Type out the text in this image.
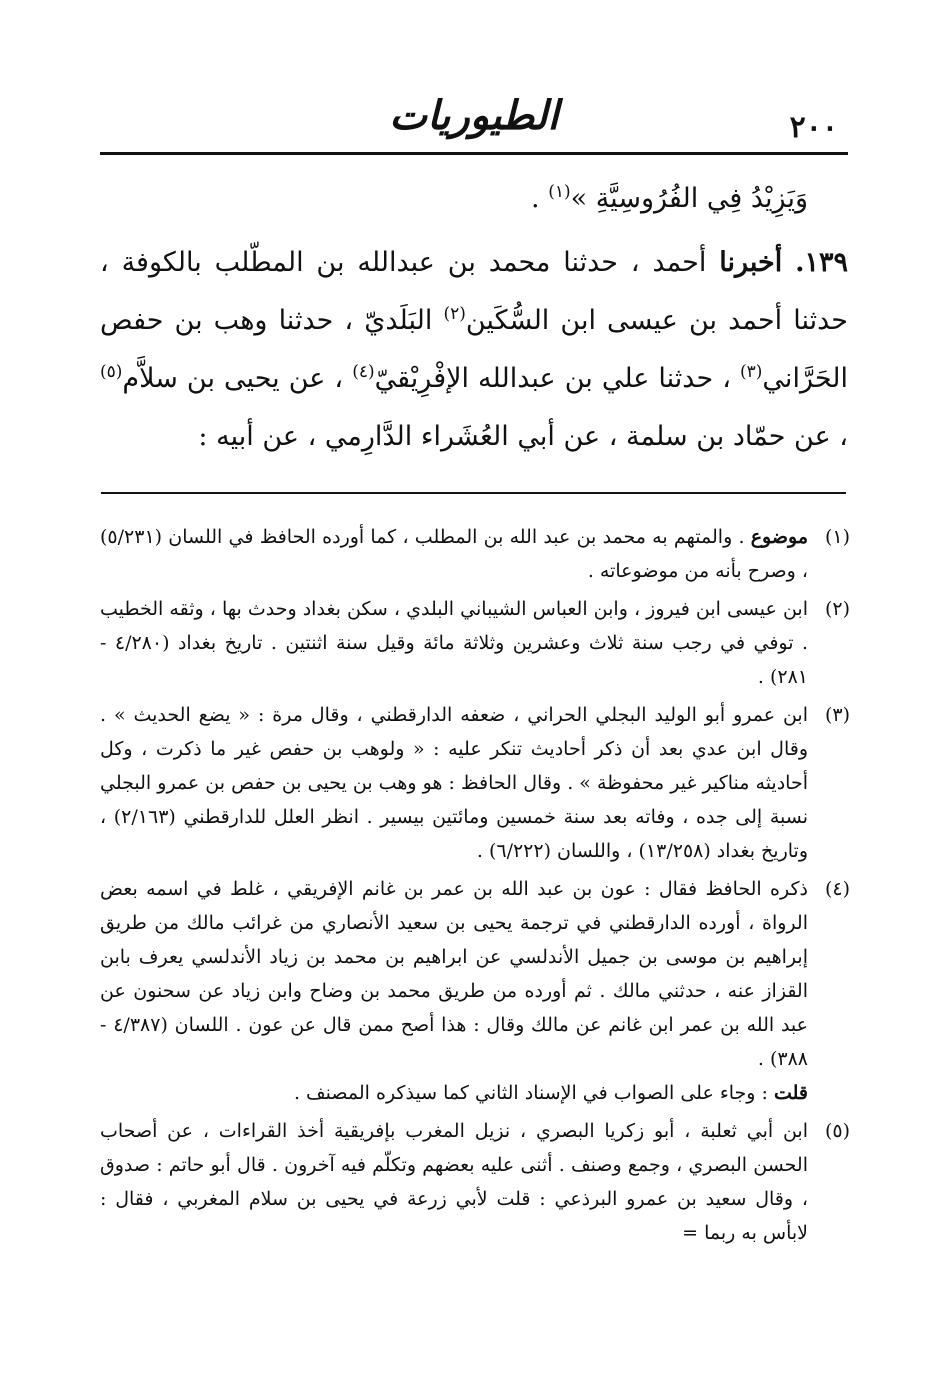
الطيوريات	٢٠٠

وَيَزِيْدُ فِي الفُرُوسِيَّةِ »$^{(١)}$ .

١٣٩. أخبرنا أحمد ، حدثنا محمد بن عبدالله بن المطّلب بالكوفة ، حدثنا أحمد بن عيسى ابن السُّكَين$^{(٢)}$ البَلَديّ ، حدثنا وهب بن حفص الحَرَّاني$^{(٣)}$ ، حدثنا علي بن عبدالله الإفْرِيْقيّ$^{(٤)}$ ، عن يحيى بن سلاَّم$^{(٥)}$ ، عن حمّاد بن سلمة ، عن أبي العُشَراء الدَّارِمي ، عن أبيه :

(١)
موضوع . والمتهم به محمد بن عبد الله بن المطلب ، كما أورده الحافظ في اللسان (٥/٢٣١) ، وصرح بأنه من موضوعاته .
(٢)
ابن عيسى ابن فيروز ، وابن العباس الشيباني البلدي ، سكن بغداد وحدث بها ، وثقه الخطيب . توفي في رجب سنة ثلاث وعشرين وثلاثة مائة وقيل سنة اثنتين . تاريخ بغداد (٤/٢٨٠ - ٢٨١) .
(٣)
ابن عمرو أبو الوليد البجلي الحراني ، ضعفه الدارقطني ، وقال مرة : « يضع الحديث » . وقال ابن عدي بعد أن ذكر أحاديث تنكر عليه : « ولوهب بن حفص غير ما ذكرت ، وكل أحاديثه مناكير غير محفوظة » . وقال الحافظ : هو وهب بن يحيى بن حفص بن عمرو البجلي نسبة إلى جده ، وفاته بعد سنة خمسين ومائتين بيسير . انظر العلل للدارقطني (٢/١٦٣) ، وتاريخ بغداد (١٣/٢٥٨) ، واللسان (٦/٢٢٢) .
(٤)
ذكره الحافظ فقال : عون بن عبد الله بن عمر بن غانم الإفريقي ، غلط في اسمه بعض الرواة ، أورده الدارقطني في ترجمة يحيى بن سعيد الأنصاري من غرائب مالك من طريق إبراهيم بن موسى بن جميل الأندلسي عن ابراهيم بن محمد بن زياد الأندلسي يعرف بابن القزاز عنه ، حدثني مالك . ثم أورده من طريق محمد بن وضاح وابن زياد عن سحنون عن عبد الله بن عمر ابن غانم عن مالك وقال : هذا أصح ممن قال عن عون . اللسان (٤/٣٨٧ - ٣٨٨) .
قلت : وجاء على الصواب في الإسناد الثاني كما سيذكره المصنف .
(٥)
ابن أبي ثعلبة ، أبو زكريا البصري ، نزيل المغرب بإفريقية أخذ القراءات ، عن أصحاب الحسن البصري ، وجمع وصنف . أثنى عليه بعضهم وتكلّم فيه آخرون . قال أبو حاتم : صدوق ، وقال سعيد بن عمرو البرذعي : قلت لأبي زرعة في يحيى بن سلام المغربي ، فقال : لابأس به ربما =
